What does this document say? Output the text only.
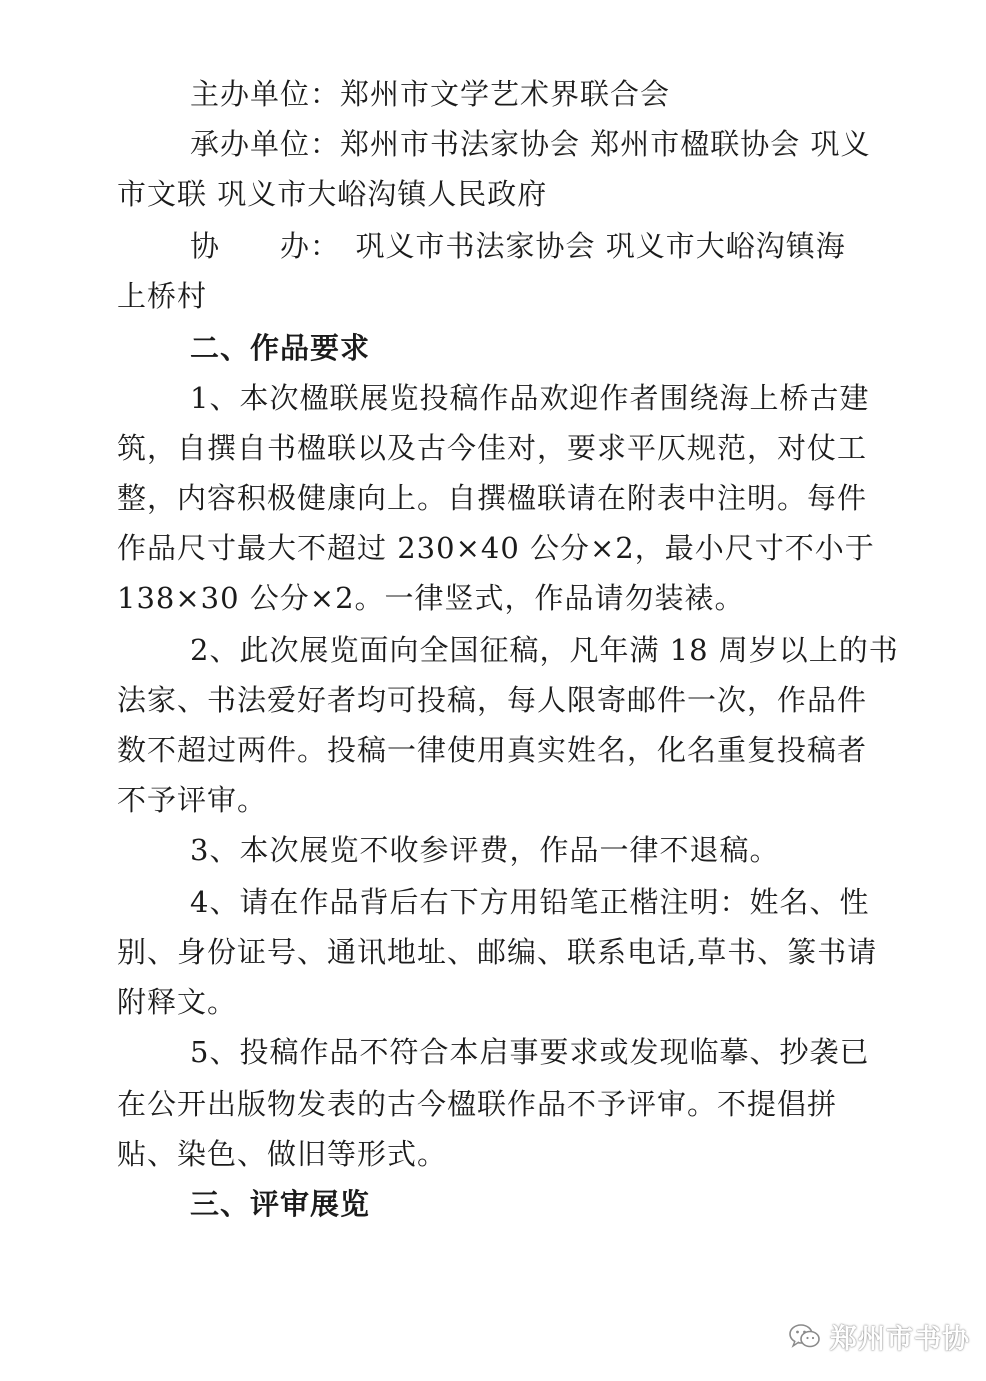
主办单位：郑州市文学艺术界联合会
承办单位：郑州市书法家协会 郑州市楹联协会 巩义
市文联 巩义市大峪沟镇人民政府
协　　办：　巩义市书法家协会 巩义市大峪沟镇海
上桥村
二、作品要求
1、本次楹联展览投稿作品欢迎作者围绕海上桥古建
筑，自撰自书楹联以及古今佳对，要求平仄规范，对仗工
整，内容积极健康向上。自撰楹联请在附表中注明。每件
作品尺寸最大不超过 230×40 公分×2，最小尺寸不小于
138×30 公分×2。一律竖式，作品请勿装裱。
2、此次展览面向全国征稿，凡年满 18 周岁以上的书
法家、书法爱好者均可投稿，每人限寄邮件一次，作品件
数不超过两件。投稿一律使用真实姓名，化名重复投稿者
不予评审。
3、本次展览不收参评费，作品一律不退稿。
4、请在作品背后右下方用铅笔正楷注明：姓名、性
别、身份证号、通讯地址、邮编、联系电话,草书、篆书请
附释文。
5、投稿作品不符合本启事要求或发现临摹、抄袭已
在公开出版物发表的古今楹联作品不予评审。不提倡拼
贴、染色、做旧等形式。
三、评审展览
郑州市书协
